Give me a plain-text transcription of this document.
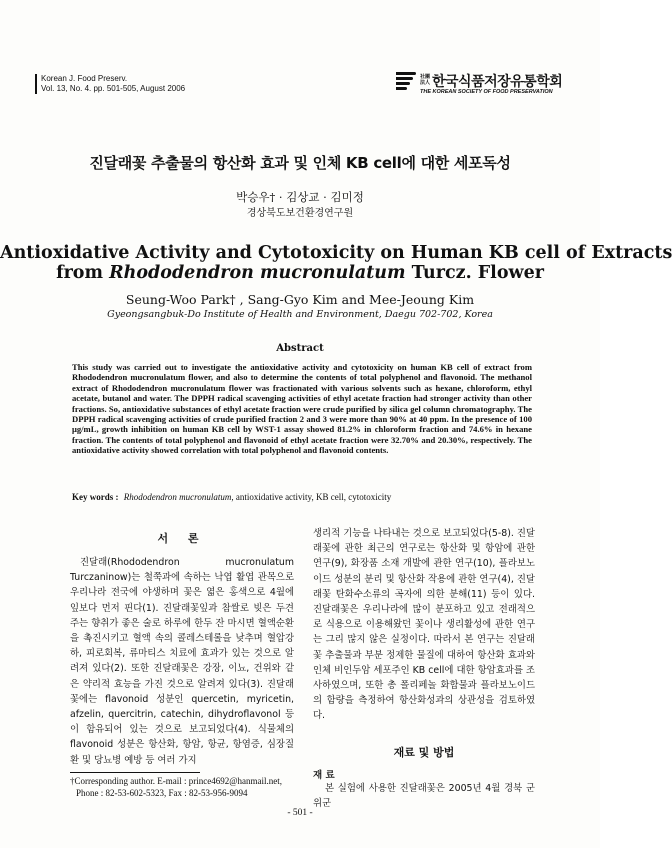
Korean J. Food Preserv.
Vol. 13, No. 4. pp. 501-505, August 2006
社團 法人 한국식품저장유통학회
THE KOREAN SOCIETY OF FOOD PRESERVATION
진달래꽃 추출물의 항산화 효과 및 인체 KB cell에 대한 세포독성
박승우† · 김상교 · 김미정
경상북도보건환경연구원
Antioxidative Activity and Cytotoxicity on Human KB cell of Extracts
from Rhododendron mucronulatum Turcz. Flower
Seung-Woo Park† , Sang-Gyo Kim and Mee-Jeoung Kim
Gyeongsangbuk-Do Institute of Health and Environment, Daegu 702-702, Korea
Abstract
This study was carried out to investigate the antioxidative activity and cytotoxicity on human KB cell of extract from Rhododendron mucronulatum flower, and also to determine the contents of total polyphenol and flavonoid. The methanol extract of Rhododendron mucronulatum flower was fractionated with various solvents such as hexane, chloroform, ethyl acetate, butanol and water. The DPPH radical scavenging activities of ethyl acetate fraction had stronger activity than other fractions. So, antioxidative substances of ethyl acetate fraction were crude purified by silica gel column chromatography. The DPPH radical scavenging activities of crude purified fraction 2 and 3 were more than 90% at 40 ppm. In the presence of 100 μg/mL, growth inhibition on human KB cell by WST-1 assay showed 81.2% in chloroform fraction and 74.6% in hexane fraction. The contents of total polyphenol and flavonoid of ethyl acetate fraction were 32.70% and 20.30%, respectively. The antioxidative activity showed correlation with total polyphenol and flavonoid contents.
Key words : Rhododendron mucronulatum, antioxidative activity, KB cell, cytotoxicity
서 론

진달래(Rhododendron mucronulatum Turczaninow)는 철쭉과에 속하는 낙엽 활엽 관목으로 우리나라 전국에 야생하며 꽃은 엷은 홍색으로 4월에 잎보다 먼저 핀다(1). 진달래꽃잎과 참쌀로 빚은 두견주는 향취가 좋은 술로 하루에 한두 잔 마시면 혈액순환을 촉진시키고 혈액 속의 콜레스테롤을 낮추며 혈압강하, 피로회복, 류마티스 치료에 효과가 있는 것으로 알려져 있다(2). 또한 진달래꽃은 강장, 이뇨, 건위와 같은 약리적 효능을 가진 것으로 알려져 있다(3). 진달래꽃에는 flavonoid 성분인 quercetin, myricetin, afzelin, quercitrin, catechin, dihydroflavonol 등이 함유되어 있는 것으로 보고되었다(4). 식물체의 flavonoid 성분은 항산화, 항암, 항균, 항염증, 심장질환 및 당뇨병 예방 등 여러 가지

생리적 기능을 나타내는 것으로 보고되었다(5-8). 진달래꽃에 관한 최근의 연구로는 항산화 및 항암에 관한 연구(9), 화장품 소재 개발에 관한 연구(10), 플라보노이드 성분의 분리 및 항산화 작용에 관한 연구(4), 진달래꽃 탄화수소류의 곡자에 의한 분해(11) 등이 있다. 진달래꽃은 우리나라에 많이 분포하고 있고 전래적으로 식용으로 이용해왔던 꽃이나 생리활성에 관한 연구는 그리 많지 않은 실정이다. 따라서 본 연구는 진달래꽃 추출물과 부분 정제한 물질에 대하여 항산화 효과와 인체 비인두암 세포주인 KB cell에 대한 항암효과를 조사하였으며, 또한 총 폴리페놀 화합물과 플라보노이드의 함량을 측정하여 항산화성과의 상관성을 검토하였다.

재료 및 방법
재 료
본 실험에 사용한 진달래꽃은 2005년 4월 경북 군위군
†Corresponding author. E-mail : prince4692@hanmail.net,
Phone : 82-53-602-5323, Fax : 82-53-956-9094
- 501 -
